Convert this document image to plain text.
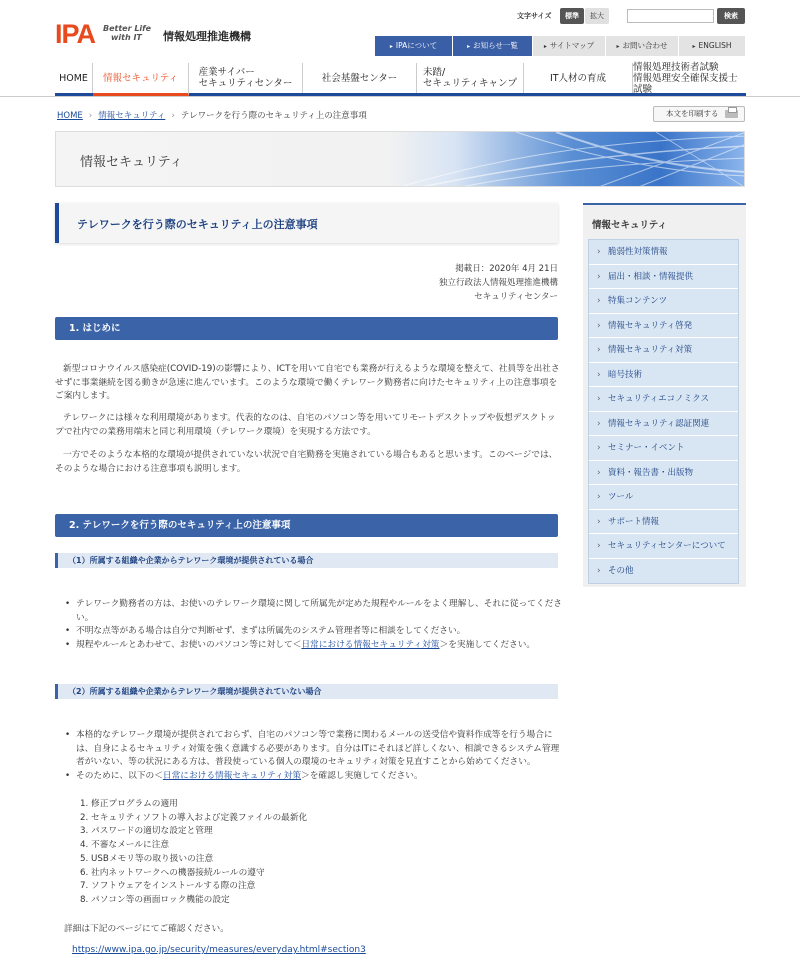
IPA Better Life
with IT	情報処理推進機構
文字サイズ	標準	拡大	検索
▸ IPAについて	▸ お知らせ一覧	▸ サイトマップ	▸ お問い合わせ	▸ ENGLISH
HOME	情報セキュリティ	産業サイバー
セキュリティセンター	社会基盤センター	未踏/
セキュリティキャンプ	IT人材の育成
情報処理技術者試験
情報処理安全確保支援士試験
HOME › 情報セキュリティ › テレワークを行う際のセキュリティ上の注意事項	本文を印刷する
情報セキュリティ
テレワークを行う際のセキュリティ上の注意事項
掲載日：2020年 4月 21日
独立行政法人情報処理推進機構
セキュリティセンター
1. はじめに
新型コロナウイルス感染症(COVID-19)の影響により、ICTを用いて自宅でも業務が行えるような環境を整えて、社員等を出社さ
せずに事業継続を図る動きが急速に進んでいます。このような環境で働くテレワーク勤務者に向けたセキュリティ上の注意事項を
ご案内します。
テレワークには様々な利用環境があります。代表的なのは、自宅のパソコン等を用いてリモートデスクトップや仮想デスクトッ
プで社内での業務用端末と同じ利用環境（テレワーク環境）を実現する方法です。
一方でそのような本格的な環境が提供されていない状況で自宅勤務を実施されている場合もあると思います。このページでは、
そのような場合における注意事項も説明します。
2. テレワークを行う際のセキュリティ上の注意事項
（1）所属する組織や企業からテレワーク環境が提供されている場合
• テレワーク勤務者の方は、お使いのテレワーク環境に関して所属先が定めた規程やルールをよく理解し、それに従ってくださ
い。
• 不明な点等がある場合は自分で判断せず、まずは所属先のシステム管理者等に相談をしてください。
• 規程やルールとあわせて、お使いのパソコン等に対して＜日常における情報セキュリティ対策＞を実施してください。
（2）所属する組織や企業からテレワーク環境が提供されていない場合
• 本格的なテレワーク環境が提供されておらず、自宅のパソコン等で業務に関わるメールの送受信や資料作成等を行う場合に
は、自身によるセキュリティ対策を強く意識する必要があります。自分はITにそれほど詳しくない、相談できるシステム管理
者がいない、等の状況にある方は、普段使っている個人の環境のセキュリティ対策を見直すことから始めてください。
• そのために、以下の＜日常における情報セキュリティ対策＞を確認し実施してください。
1. 修正プログラムの適用
2. セキュリティソフトの導入および定義ファイルの最新化
3. パスワードの適切な設定と管理
4. 不審なメールに注意
5. USBメモリ等の取り扱いの注意
6. 社内ネットワークへの機器接続ルールの遵守
7. ソフトウェアをインストールする際の注意
8. パソコン等の画面ロック機能の設定
詳細は下記のページにてご確認ください。
https://www.ipa.go.jp/security/measures/everyday.html#section3
情報セキュリティ
› 脆弱性対策情報
› 届出・相談・情報提供
› 特集コンテンツ
› 情報セキュリティ啓発
› 情報セキュリティ対策
› 暗号技術
› セキュリティエコノミクス
› 情報セキュリティ認証関連
› セミナー・イベント
› 資料・報告書・出版物
› ツール
› サポート情報
› セキュリティセンターについて
› その他
